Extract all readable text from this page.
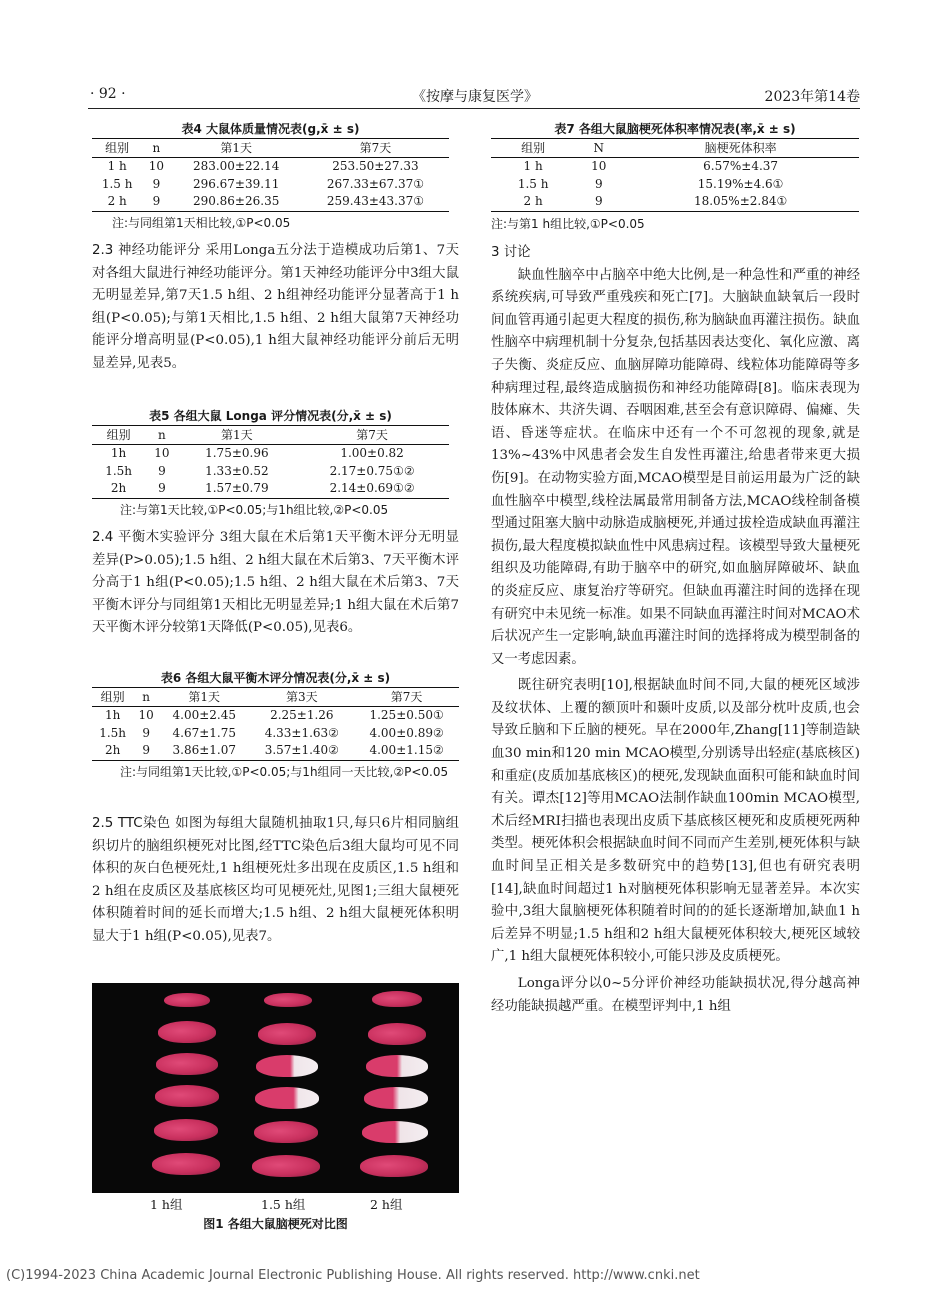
· 92 ·	《按摩与康复医学》	2023年第14卷
表4 大鼠体质量情况表(g,x̄ ± s)
组别	n	第1天	第7天
1 h	10	283.00±22.14	253.50±27.33
1.5 h	9	296.67±39.11	267.33±67.37①
2 h	9	290.86±26.35	259.43±43.37①
注:与同组第1天相比较,①P<0.05

2.3 神经功能评分 采用Longa五分法于造模成功后第1、7天对各组大鼠进行神经功能评分。第1天神经功能评分中3组大鼠无明显差异,第7天1.5 h组、2 h组神经功能评分显著高于1 h组(P<0.05);与第1天相比,1.5 h组、2 h组大鼠第7天神经功能评分增高明显(P<0.05),1 h组大鼠神经功能评分前后无明显差异,见表5。

表5 各组大鼠 Longa 评分情况表(分,x̄ ± s)
组别	n	第1天	第7天
1h	10	1.75±0.96	1.00±0.82
1.5h	9	1.33±0.52	2.17±0.75①②
2h	9	1.57±0.79	2.14±0.69①②
注:与第1天比较,①P<0.05;与1h组比较,②P<0.05

2.4 平衡木实验评分 3组大鼠在术后第1天平衡木评分无明显差异(P>0.05);1.5 h组、2 h组大鼠在术后第3、7天平衡木评分高于1 h组(P<0.05);1.5 h组、2 h组大鼠在术后第3、7天平衡木评分与同组第1天相比无明显差异;1 h组大鼠在术后第7天平衡木评分较第1天降低(P<0.05),见表6。

表6 各组大鼠平衡木评分情况表(分,x̄ ± s)
组别	n	第1天	第3天	第7天
1h	10	4.00±2.45	2.25±1.26	1.25±0.50①
1.5h	9	4.67±1.75	4.33±1.63②	4.00±0.89②
2h	9	3.86±1.07	3.57±1.40②	4.00±1.15②
注:与同组第1天比较,①P<0.05;与1h组同一天比较,②P<0.05

2.5 TTC染色 如图为每组大鼠随机抽取1只,每只6片相同脑组织切片的脑组织梗死对比图,经TTC染色后3组大鼠均可见不同体积的灰白色梗死灶,1 h组梗死灶多出现在皮质区,1.5 h组和2 h组在皮质区及基底核区均可见梗死灶,见图1;三组大鼠梗死体积随着时间的延长而增大;1.5 h组、2 h组大鼠梗死体积明显大于1 h组(P<0.05),见表7。

1 h组	1.5 h组	2 h组
图1 各组大鼠脑梗死对比图
表7 各组大鼠脑梗死体积率情况表(率,x̄ ± s)
组别	N	脑梗死体积率
1 h	10	6.57%±4.37
1.5 h	9	15.19%±4.6①
2 h	9	18.05%±2.84①
注:与第1 h组比较,①P<0.05

3 讨论

缺血性脑卒中占脑卒中绝大比例,是一种急性和严重的神经系统疾病,可导致严重残疾和死亡[7]。大脑缺血缺氧后一段时间血管再通引起更大程度的损伤,称为脑缺血再灌注损伤。缺血性脑卒中病理机制十分复杂,包括基因表达变化、氧化应激、离子失衡、炎症反应、血脑屏障功能障碍、线粒体功能障碍等多种病理过程,最终造成脑损伤和神经功能障碍[8]。临床表现为肢体麻木、共济失调、吞咽困难,甚至会有意识障碍、偏瘫、失语、昏迷等症状。在临床中还有一个不可忽视的现象,就是13%~43%中风患者会发生自发性再灌注,给患者带来更大损伤[9]。在动物实验方面,MCAO模型是目前运用最为广泛的缺血性脑卒中模型,线栓法属最常用制备方法,MCAO线栓制备模型通过阻塞大脑中动脉造成脑梗死,并通过拔栓造成缺血再灌注损伤,最大程度模拟缺血性中风患病过程。该模型导致大量梗死组织及功能障碍,有助于脑卒中的研究,如血脑屏障破坏、缺血的炎症反应、康复治疗等研究。但缺血再灌注时间的选择在现有研究中未见统一标准。如果不同缺血再灌注时间对MCAO术后状况产生一定影响,缺血再灌注时间的选择将成为模型制备的又一考虑因素。

既往研究表明[10],根据缺血时间不同,大鼠的梗死区域涉及纹状体、上覆的额顶叶和颞叶皮质,以及部分枕叶皮质,也会导致丘脑和下丘脑的梗死。早在2000年,Zhang[11]等制造缺血30 min和120 min MCAO模型,分别诱导出轻症(基底核区)和重症(皮质加基底核区)的梗死,发现缺血面积可能和缺血时间有关。谭杰[12]等用MCAO法制作缺血100min MCAO模型,术后经MRI扫描也表现出皮质下基底核区梗死和皮质梗死两种类型。梗死体积会根据缺血时间不同而产生差别,梗死体积与缺血时间呈正相关是多数研究中的趋势[13],但也有研究表明[14],缺血时间超过1 h对脑梗死体积影响无显著差异。本次实验中,3组大鼠脑梗死体积随着时间的的延长逐渐增加,缺血1 h后差异不明显;1.5 h组和2 h组大鼠梗死体积较大,梗死区域较广,1 h组大鼠梗死体积较小,可能只涉及皮质梗死。

Longa评分以0~5分评价神经功能缺损状况,得分越高神经功能缺损越严重。在模型评判中,1 h组

(C)1994-2023 China Academic Journal Electronic Publishing House. All rights reserved. http://www.cnki.net
